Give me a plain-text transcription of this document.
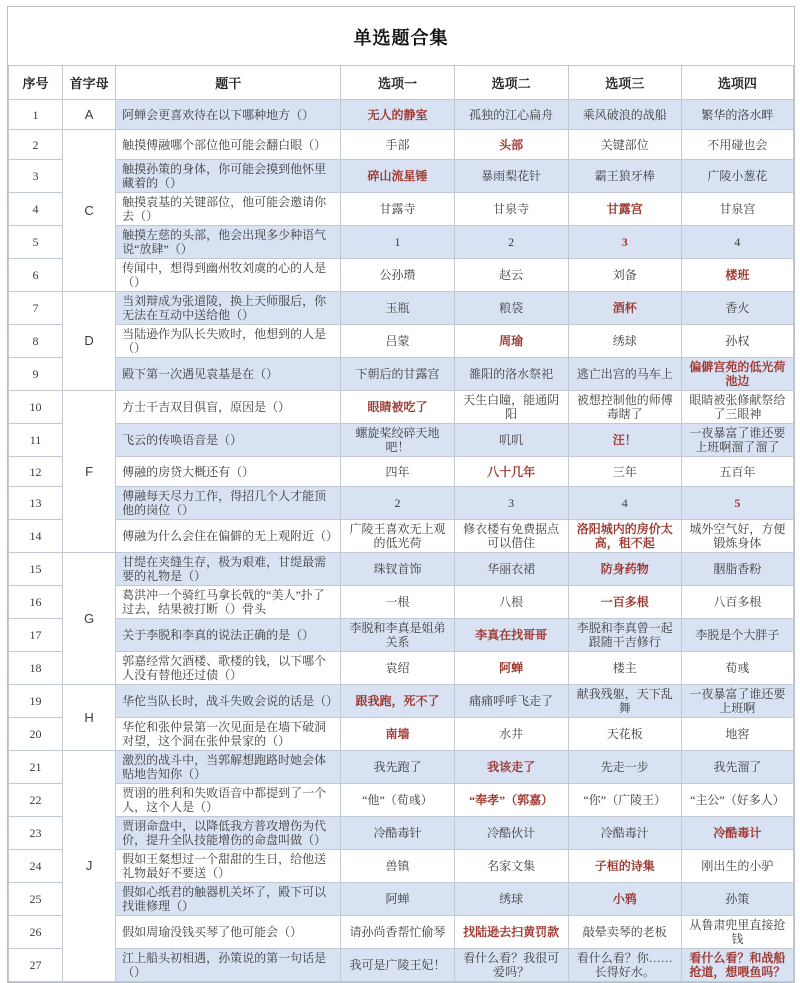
单选题合集
序号	首字母	题干	选项一	选项二	选项三	选项四
1	A	阿蝉会更喜欢待在以下哪种地方（）	无人的静室	孤独的江心扁舟	乘风破浪的战船	繁华的洛水畔
2	C	触摸傅融哪个部位他可能会翻白眼（）	手部	头部	关键部位	不用碰也会
3		触摸孙策的身体，你可能会摸到他怀里藏着的（）	碎山流星锤	暴雨梨花针	霸王狼牙棒	广陵小葱花
4		触摸袁基的关键部位，他可能会邀请你去（）	甘露寺	甘泉寺	甘露宫	甘泉宫
5		触摸左慈的头部，他会出现多少种语气说“放肆”（）	1	2	3	4
6		传闻中，想得到幽州牧刘虞的心的人是（）	公孙瓒	赵云	刘备	楼班
7	D	当刘辩成为张道陵，换上天师服后，你无法在互动中送给他（）	玉瓶	粮袋	酒杯	香火
8		当陆逊作为队长失败时，他想到的人是（）	吕蒙	周瑜	绣球	孙权
9		殿下第一次遇见袁基是在（）	下朝后的甘露宫	雒阳的洛水祭祀	逃亡出宫的马车上	偏僻宫苑的低光荷池边
10	F	方士干吉双目俱盲，原因是（）	眼睛被吃了	天生白瞳，能通阴阳	被想控制他的师傅毒瞎了	眼睛被张修献祭给了三眼神
11		飞云的传唤语音是（）	螺旋桨绞碎天地吧！	叽叽	汪！	一夜暴富了谁还要上班啊溜了溜了
12		傅融的房贷大概还有（）	四年	八十几年	三年	五百年
13		傅融每天尽力工作，得招几个人才能顶他的岗位（）	2	3	4	5
14		傅融为什么会住在偏僻的无上观附近（）	广陵王喜欢无上观的低光荷	修衣楼有免费据点可以借住	洛阳城内的房价太高，租不起	城外空气好，方便锻炼身体
15	G	甘缇在夹缝生存，极为艰难，甘缇最需要的礼物是（）	珠钗首饰	华丽衣裙	防身药物	胭脂香粉
16		葛洪冲一个骑红马拿长戟的“美人”扑了过去，结果被打断（）骨头	一根	八根	一百多根	八百多根
17		关于李脱和李真的说法正确的是（）	李脱和李真是姐弟关系	李真在找哥哥	李脱和李真曾一起跟随干吉修行	李脱是个大胖子
18		郭嘉经常欠酒楼、歌楼的钱，以下哪个人没有替他还过债（）	袁绍	阿蝉	楼主	荀彧
19	H	华佗当队长时，战斗失败会说的话是（）	跟我跑，死不了	痛痛呼呼飞走了	献我残躯，天下乱舞	一夜暴富了谁还要上班啊
20		华佗和张仲景第一次见面是在墙下破洞对望，这个洞在张仲景家的（）	南墙	水井	天花板	地窖
21	J	激烈的战斗中，当郭解想跑路时她会体贴地告知你（）	我先跑了	我该走了	先走一步	我先溜了
22		贾诩的胜利和失败语音中都提到了一个人，这个人是（）	“他”（荀彧）	“奉孝”（郭嘉）	“你”（广陵王）	“主公”（好多人）
23		贾诩命盘中，以降低我方普攻增伤为代价，提升全队技能增伤的命盘叫做（）	冷酷毒针	冷酷伙计	冷酷毒汁	冷酷毒计
24		假如王粲想过一个甜甜的生日，给他送礼物最好不要送（）	兽镇	名家文集	子桓的诗集	刚出生的小驴
25		假如心纸君的触器机关坏了，殿下可以找谁修理（）	阿蝉	绣球	小鸦	孙策
26		假如周瑜没钱买琴了他可能会（）	请孙尚香帮忙偷琴	找陆逊去扫黄罚款	敲晕卖琴的老板	从鲁肃兜里直接抢钱
27		江上船头初相遇，孙策说的第一句话是（）	我可是广陵王妃！	看什么看？我很可爱吗？	看什么看？你……长得好水。	看什么看？和战船抢道，想喂鱼吗？
